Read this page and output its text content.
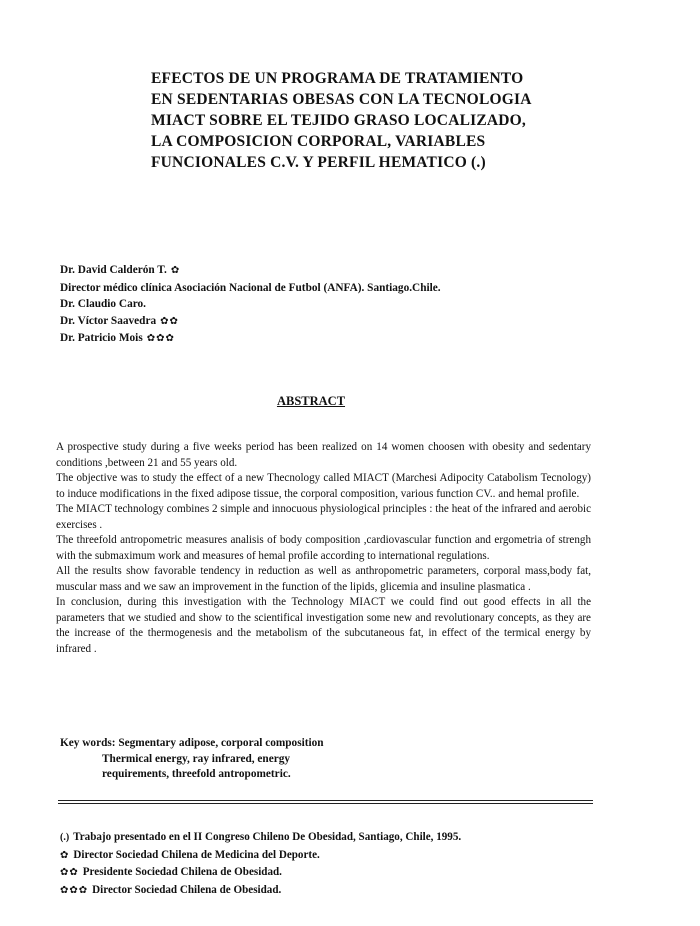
EFECTOS DE UN PROGRAMA DE TRATAMIENTO
EN SEDENTARIAS OBESAS CON LA TECNOLOGIA
MIACT SOBRE EL TEJIDO GRASO LOCALIZADO,
LA COMPOSICION CORPORAL, VARIABLES
FUNCIONALES C.V. Y PERFIL HEMATICO (.)
Dr. David Calderón T. ✿
Director médico clínica Asociación Nacional de Futbol (ANFA). Santiago.Chile.
Dr. Claudio Caro.
Dr. Víctor Saavedra ✿✿
Dr. Patricio Mois ✿✿✿
ABSTRACT

A prospective study during a five weeks period has been realized on 14 women choosen with obesity and sedentary conditions ,between 21 and 55 years old.

The objective was to study the effect of a new Thecnology called MIACT (Marchesi Adipocity Catabolism Tecnology) to induce modifications in the fixed adipose tissue, the corporal composition, various function CV.. and hemal profile.

The MIACT technology combines 2 simple and innocuous physiological principles : the heat of the infrared and aerobic exercises .

The threefold antropometric measures analisis of body composition ,cardiovascular function and ergometria of strengh with the submaximum work and measures of hemal profile according to international regulations.

All the results show favorable tendency in reduction as well as anthropometric parameters, corporal mass,body fat, muscular mass and we saw an improvement in the function of the lipids, glicemia and insuline plasmatica .

In conclusion, during this investigation with the Technology MIACT we could find out good effects in all the parameters that we studied and show to the scientifical investigation some new and revolutionary concepts, as they are the increase of the thermogenesis and the metabolism of the subcutaneous fat, in effect of the termical energy by infrared .

Key words: Segmentary adipose, corporal composition
Thermical energy, ray infrared, energy
requirements, threefold antropometric.
(.) Trabajo presentado en el II Congreso Chileno De Obesidad, Santiago, Chile, 1995.
✿ Director Sociedad Chilena de Medicina del Deporte.
✿✿ Presidente Sociedad Chilena de Obesidad.
✿✿✿ Director Sociedad Chilena de Obesidad.
